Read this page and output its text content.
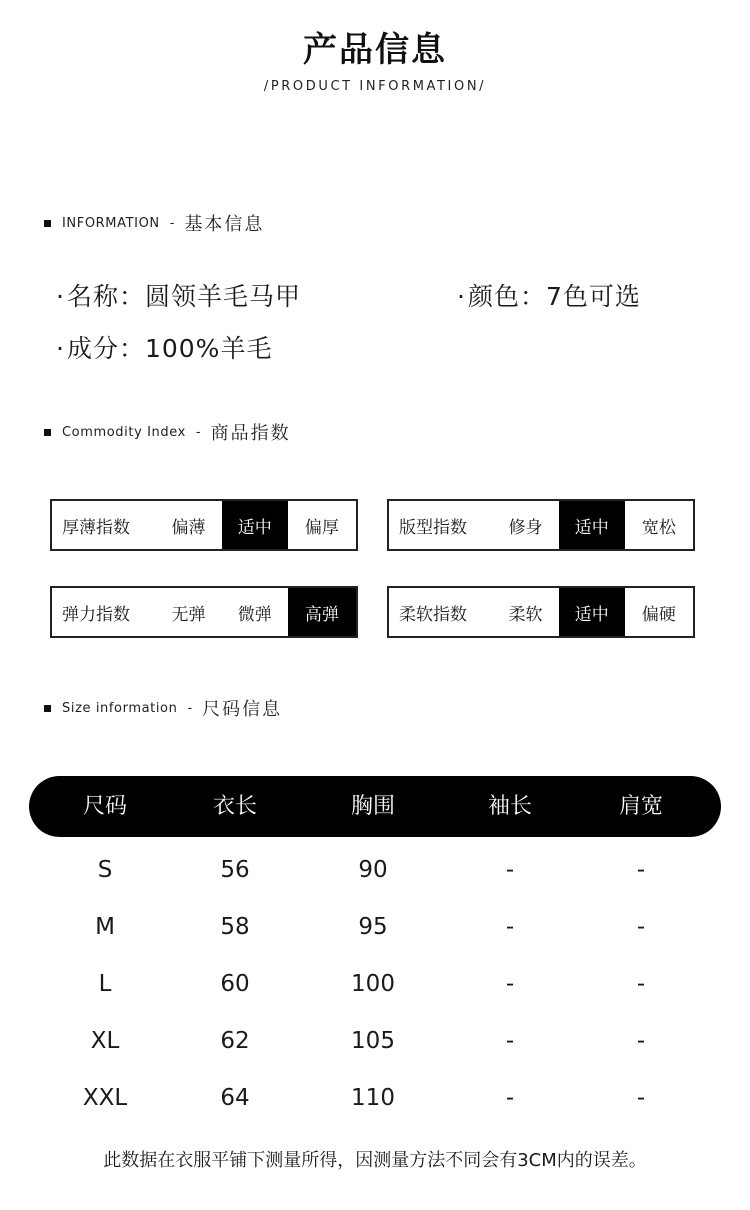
产品信息
/PRODUCT INFORMATION/
INFORMATION - 基本信息
·名称：圆领羊毛马甲	·颜色：7色可选
·成分：100%羊毛
Commodity Index - 商品指数
厚薄指数	偏薄	适中	偏厚	版型指数	修身	适中	宽松
弹力指数	无弹	微弹	高弹	柔软指数	柔软	适中	偏硬
Size information - 尺码信息
尺码	衣长	胸围	袖长	肩宽
S	56	90	-	-
M	58	95	-	-
L	60	100	-	-
XL	62	105	-	-
XXL	64	110	-	-
此数据在衣服平铺下测量所得，因测量方法不同会有3CM内的误差。
